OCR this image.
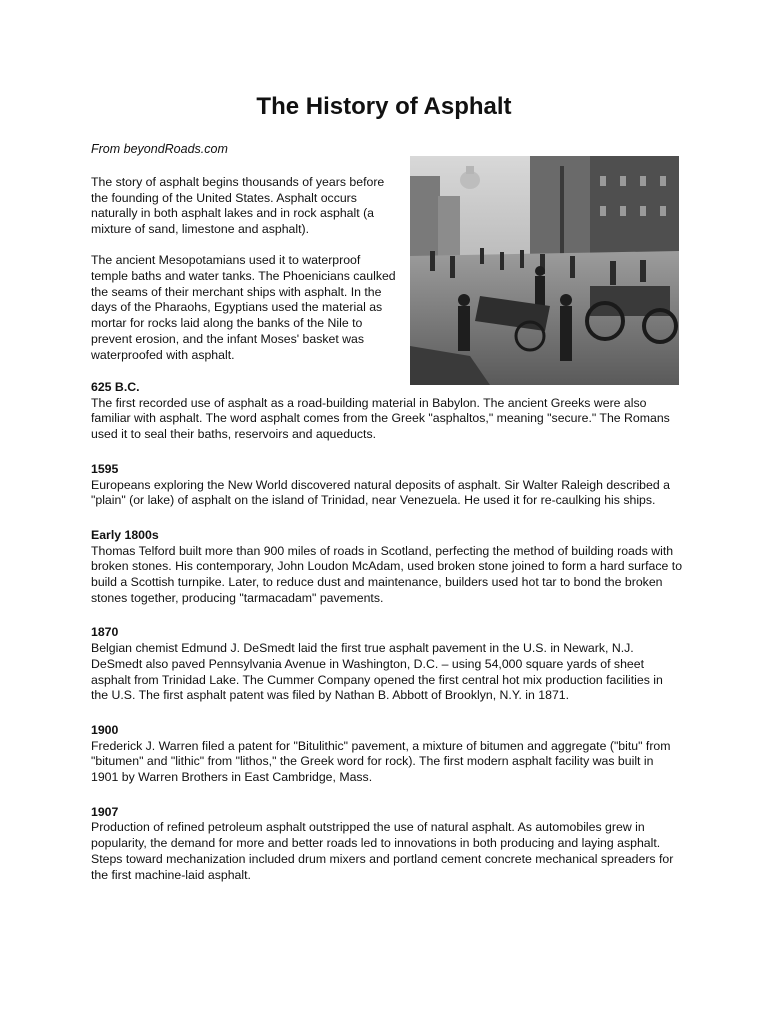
The History of Asphalt
From beyondRoads.com

The story of asphalt begins thousands of years before the founding of the United States. Asphalt occurs naturally in both asphalt lakes and in rock asphalt (a mixture of sand, limestone and asphalt).

The ancient Mesopotamians used it to waterproof temple baths and water tanks. The Phoenicians caulked the seams of their merchant ships with asphalt. In the days of the Pharaohs, Egyptians used the material as mortar for rocks laid along the banks of the Nile to prevent erosion, and the infant Moses' basket was waterproofed with asphalt.

625 B.C.

The first recorded use of asphalt as a road-building material in Babylon. The ancient Greeks were also familiar with asphalt. The word asphalt comes from the Greek "asphaltos," meaning "secure." The Romans used it to seal their baths, reservoirs and aqueducts.

1595

Europeans exploring the New World discovered natural deposits of asphalt. Sir Walter Raleigh described a "plain" (or lake) of asphalt on the island of Trinidad, near Venezuela. He used it for re-caulking his ships.

Early 1800s

Thomas Telford built more than 900 miles of roads in Scotland, perfecting the method of building roads with broken stones. His contemporary, John Loudon McAdam, used broken stone joined to form a hard surface to build a Scottish turnpike. Later, to reduce dust and maintenance, builders used hot tar to bond the broken stones together, producing "tarmacadam" pavements.

1870

Belgian chemist Edmund J. DeSmedt laid the first true asphalt pavement in the U.S. in Newark, N.J. DeSmedt also paved Pennsylvania Avenue in Washington, D.C. – using 54,000 square yards of sheet asphalt from Trinidad Lake. The Cummer Company opened the first central hot mix production facilities in the U.S. The first asphalt patent was filed by Nathan B. Abbott of Brooklyn, N.Y. in 1871.

1900

Frederick J. Warren filed a patent for "Bitulithic" pavement, a mixture of bitumen and aggregate ("bitu" from "bitumen" and "lithic" from "lithos," the Greek word for rock). The first modern asphalt facility was built in 1901 by Warren Brothers in East Cambridge, Mass.

1907

Production of refined petroleum asphalt outstripped the use of natural asphalt. As automobiles grew in popularity, the demand for more and better roads led to innovations in both producing and laying asphalt. Steps toward mechanization included drum mixers and portland cement concrete mechanical spreaders for the first machine-laid asphalt.
